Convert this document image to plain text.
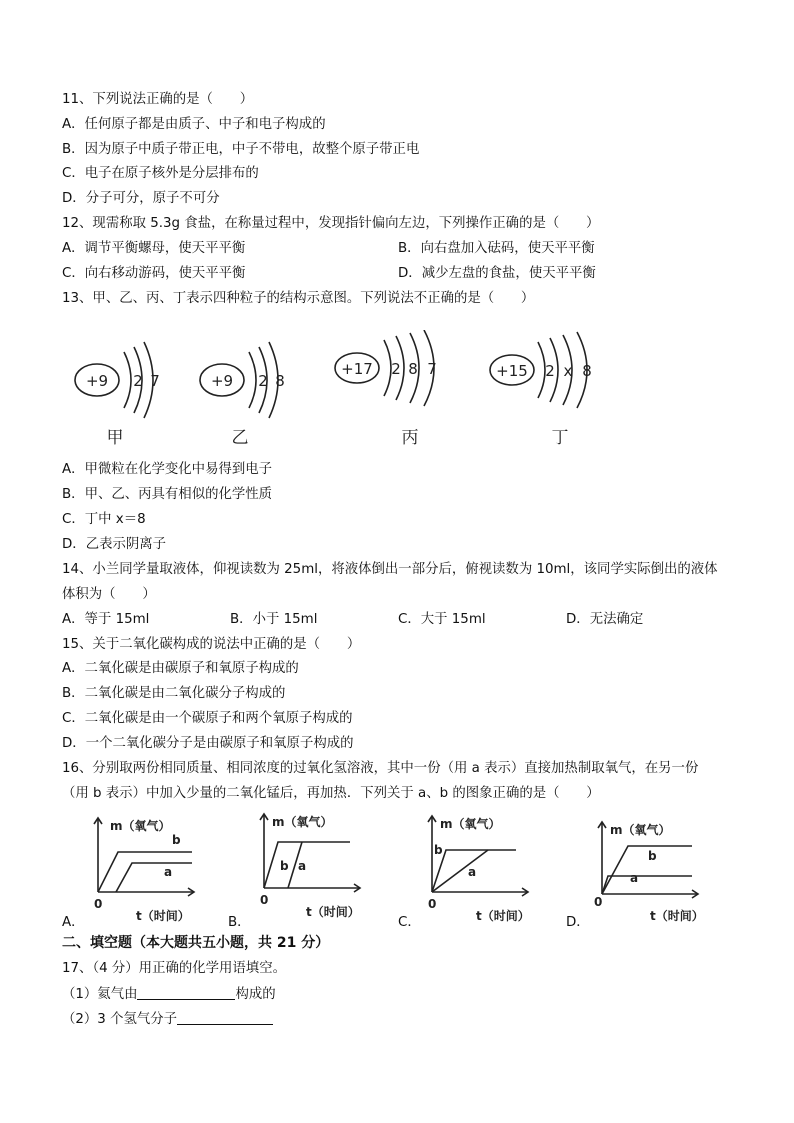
11、下列说法正确的是（　　）
A．任何原子都是由质子、中子和电子构成的
B．因为原子中质子带正电，中子不带电，故整个原子带正电
C．电子在原子核外是分层排布的
D．分子可分，原子不可分
12、现需称取 5.3g 食盐，在称量过程中，发现指针偏向左边，下列操作正确的是（　　）
A．调节平衡螺母，使天平平衡	B．向右盘加入砝码，使天平平衡
C．向右移动游码，使天平平衡	D．减少左盘的食盐，使天平平衡
13、甲、乙、丙、丁表示四种粒子的结构示意图。下列说法不正确的是（　　）
+9 2 7	+9 2 8
+17 2 8 7	+15 2 x 8
甲	乙	丙	丁
A．甲微粒在化学变化中易得到电子
B．甲、乙、丙具有相似的化学性质
C．丁中 x＝8
D．乙表示阴离子
14、小兰同学量取液体，仰视读数为 25ml，将液体倒出一部分后，俯视读数为 10ml，该同学实际倒出的液体
体积为（　　）
A．等于 15ml	B．小于 15ml	C．大于 15ml	D．无法确定
15、关于二氧化碳构成的说法中正确的是（　　）
A．二氧化碳是由碳原子和氧原子构成的
B．二氧化碳是由二氧化碳分子构成的
C．二氧化碳是由一个碳原子和两个氧原子构成的
D．一个二氧化碳分子是由碳原子和氧原子构成的
16、分别取两份相同质量、相同浓度的过氧化氢溶液，其中一份（用 a 表示）直接加热制取氧气，在另一份
（用 b 表示）中加入少量的二氧化锰后，再加热．下列关于 a、b 的图象正确的是（　　）
m（氧气）
b
a
0
t（时间）
A．
m（氧气）
b a
0
t（时间）
B．
m（氧气）
b
a
0
t（时间）
C．
m（氧气）
b
a
0
t（时间）
D．
二、填空题（本大题共五小题，共 21 分）
17、（4 分）用正确的化学用语填空。
（1）氦气由	构成的
（2）3 个氢气分子
